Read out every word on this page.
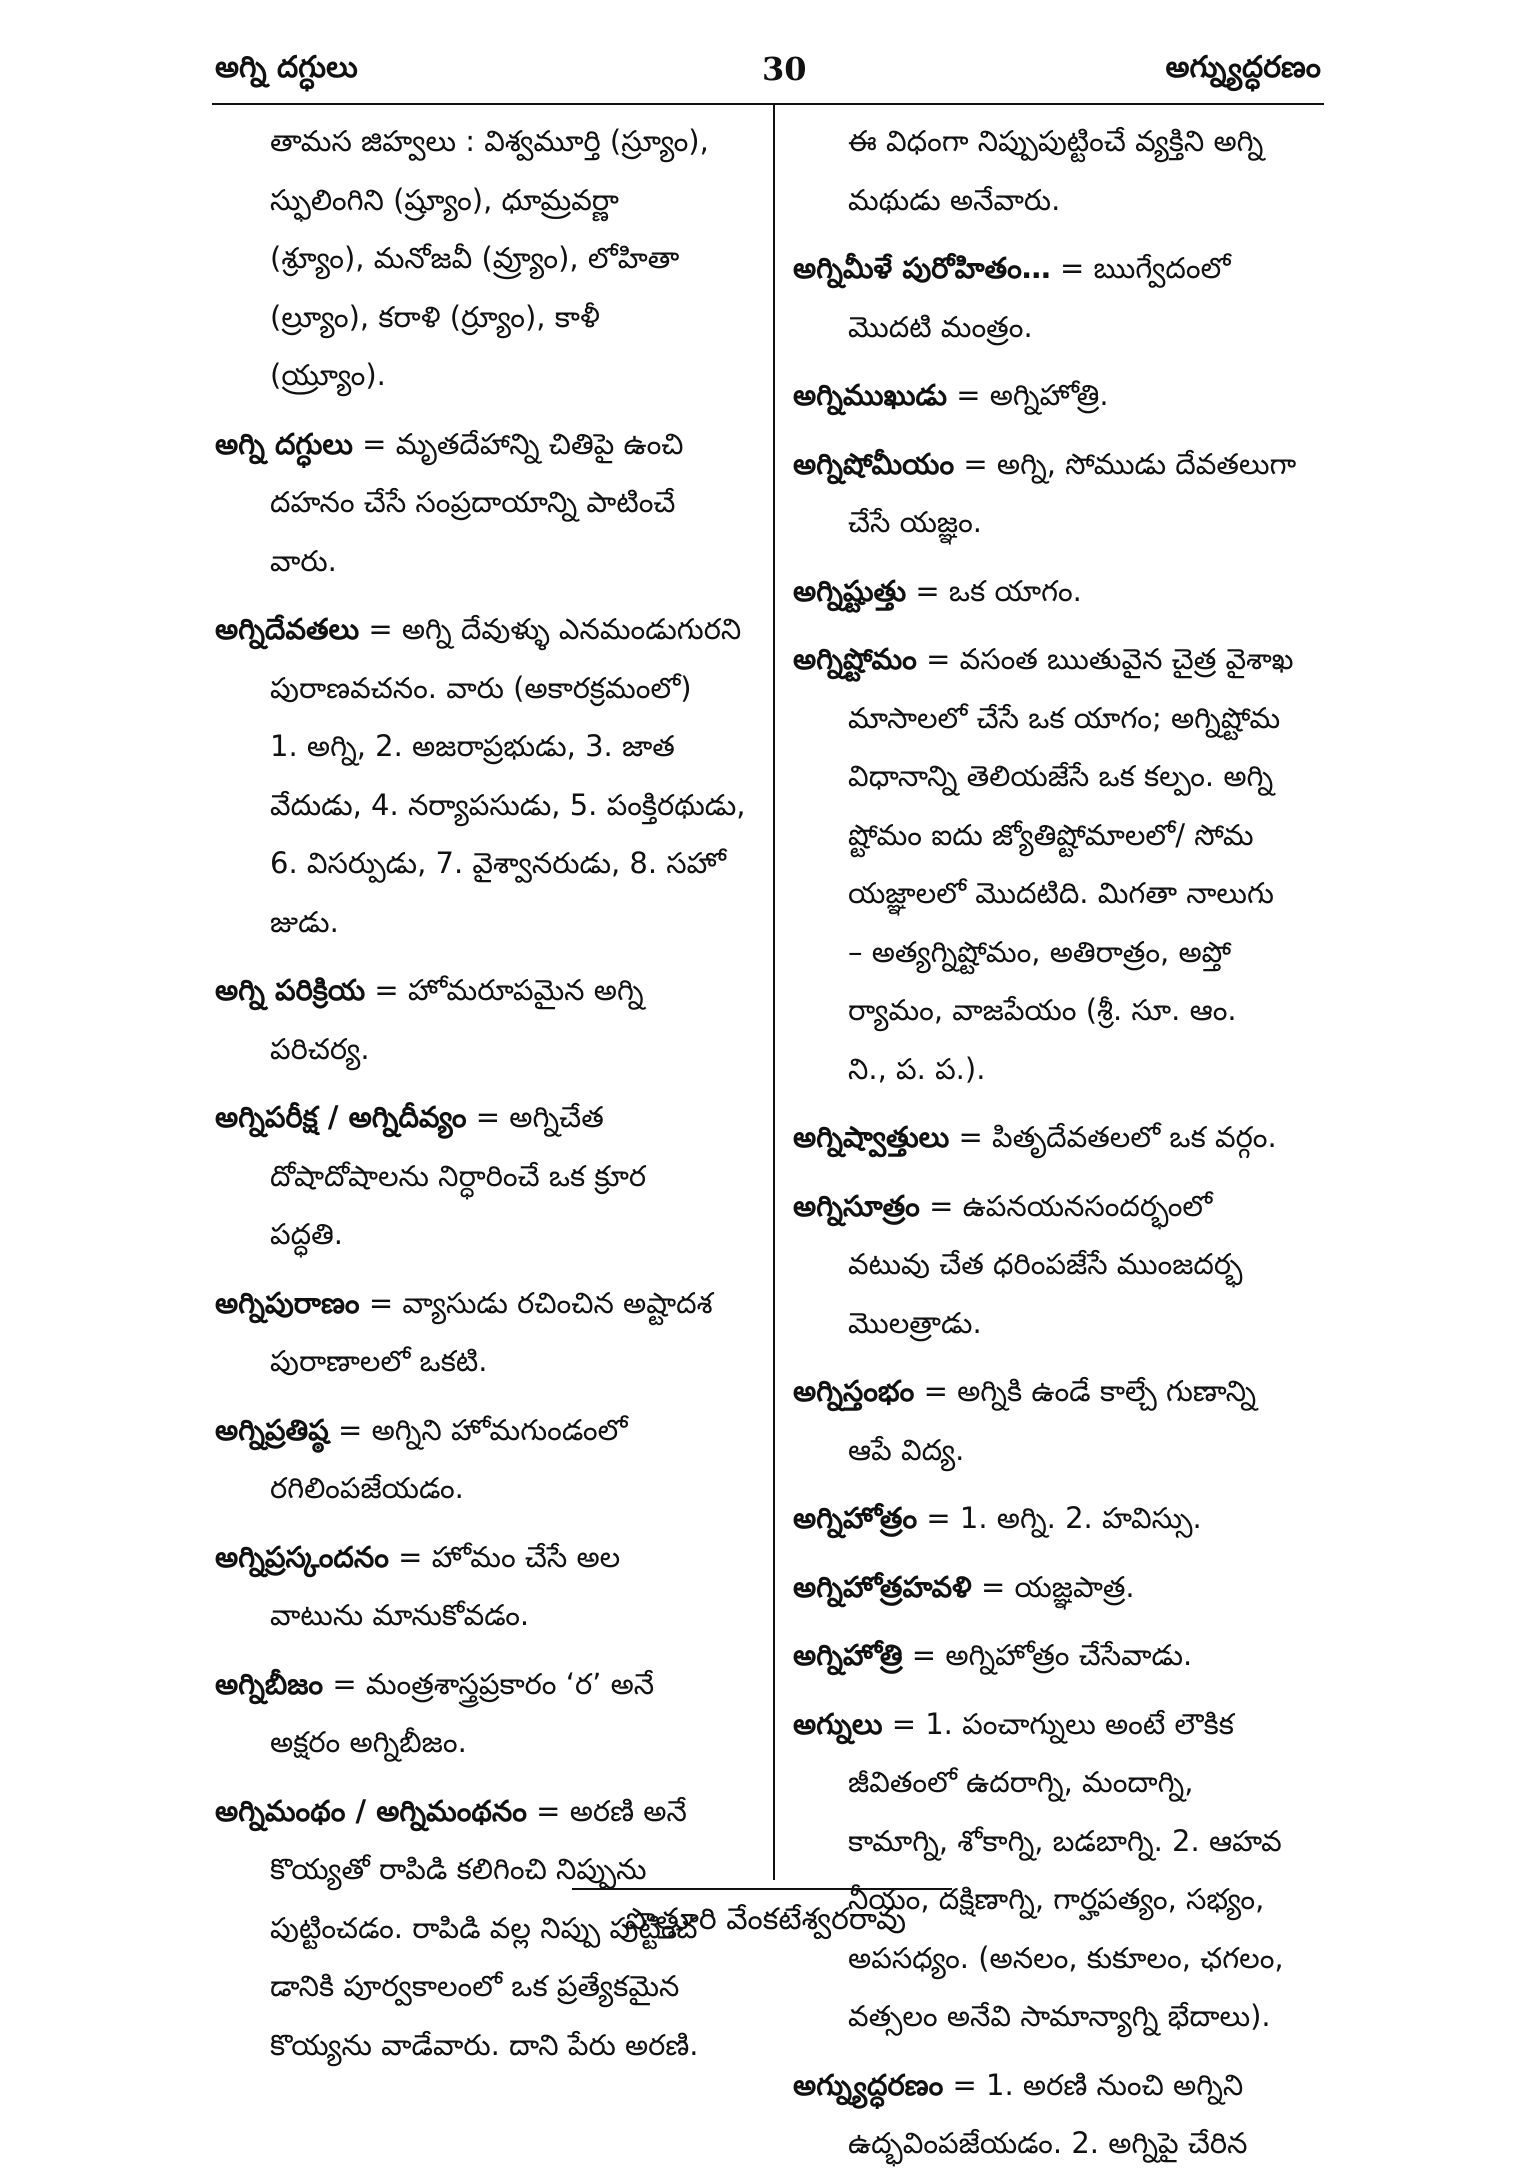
అగ్ని దగ్ధులు	30	అగ్న్యుద్ధరణం
తామస జిహ్వలు : విశ్వమూర్తి (స్ర్యూం),
స్ఫులింగిని (ష్ర్యూం), ధూమ్రవర్ణా
(శ్ర్యూం), మనోజవీ (వ్ర్యూం), లోహితా
(ల్ర్యూం), కరాళి (ర్ర్యూం), కాళీ
(య్ర్యూం).
అగ్ని దగ్ధులు = మృతదేహాన్ని చితిపై ఉంచి
దహనం చేసే సంప్రదాయాన్ని పాటించే
వారు.
అగ్నిదేవతలు = అగ్ని దేవుళ్ళు ఎనమండుగురని
పురాణవచనం. వారు (అకారక్రమంలో)
1. అగ్ని, 2. అజరాప్రభుడు, 3. జాత
వేదుడు, 4. నర్యాపసుడు, 5. పంక్తిరథుడు,
6. విసర్పుడు, 7. వైశ్వానరుడు, 8. సహో
జుడు.
అగ్ని పరిక్రియ = హోమరూపమైన అగ్ని
పరిచర్య.
అగ్నిపరీక్ష / అగ్నిదీవ్యం = అగ్నిచేత
దోషాదోషాలను నిర్ధారించే ఒక క్రూర
పద్ధతి.
అగ్నిపురాణం = వ్యాసుడు రచించిన అష్టాదశ
పురాణాలలో ఒకటి.
అగ్నిప్రతిష్ఠ = అగ్నిని హోమగుండంలో
రగిలింపజేయడం.
అగ్నిప్రస్కందనం = హోమం చేసే అల
వాటును మానుకోవడం.
అగ్నిబీజం = మంత్రశాస్త్రప్రకారం ‘ర’ అనే
అక్షరం అగ్నిబీజం.
అగ్నిమంథం / అగ్నిమంథనం = అరణి అనే
కొయ్యతో రాపిడి కలిగించి నిప్పును
పుట్టించడం. రాపిడి వల్ల నిప్పు పుట్టించ
డానికి పూర్వకాలంలో ఒక ప్రత్యేకమైన
కొయ్యను వాడేవారు. దాని పేరు అరణి.
ఈ విధంగా నిప్పుపుట్టించే వ్యక్తిని అగ్ని
మథుడు అనేవారు.
అగ్నిమీళే పురోహితం… = ఋగ్వేదంలో
మొదటి మంత్రం.
అగ్నిముఖుడు = అగ్నిహోత్రి.
అగ్నిషోమీయం = అగ్ని, సోముడు దేవతలుగా
చేసే యజ్ఞం.
అగ్నిష్టుత్తు = ఒక యాగం.
అగ్నిష్టోమం = వసంత ఋతువైన చైత్ర వైశాఖ
మాసాలలో చేసే ఒక యాగం; అగ్నిష్టోమ
విధానాన్ని తెలియజేసే ఒక కల్పం. అగ్ని
ష్టోమం ఐదు జ్యోతిష్టోమాలలో/ సోమ
యజ్ఞాలలో మొదటిది. మిగతా నాలుగు
– అత్యగ్నిష్టోమం, అతిరాత్రం, అప్తో
ర్యామం, వాజపేయం (శ్రీ. సూ. ఆం.
ని., ప. ప.).
అగ్నిష్వాత్తులు = పితృదేవతలలో ఒక వర్గం.
అగ్నిసూత్రం = ఉపనయనసందర్భంలో
వటువు చేత ధరింపజేసే ముంజదర్భ
మొలత్రాడు.
అగ్నిస్తంభం = అగ్నికి ఉండే కాల్చే గుణాన్ని
ఆపే విద్య.
అగ్నిహోత్రం = 1. అగ్ని. 2. హవిస్సు.
అగ్నిహోత్రహవళి = యజ్ఞపాత్ర.
అగ్నిహోత్రి = అగ్నిహోత్రం చేసేవాడు.
అగ్నులు = 1. పంచాగ్నులు అంటే లౌకిక
జీవితంలో ఉదరాగ్ని, మందాగ్ని,
కామాగ్ని, శోకాగ్ని, బడబాగ్ని. 2. ఆహవ
నీయం, దక్షిణాగ్ని, గార్హపత్యం, సభ్యం,
అపసధ్యం. (అనలం, కుకూలం, ఛగలం,
వత్సలం అనేవి సామాన్యాగ్ని భేదాలు).
అగ్న్యుద్ధరణం = 1. అరణి నుంచి అగ్నిని
ఉద్భవింపజేయడం. 2. అగ్నిపై చేరిన
పొత్తూరి వేంకటేశ్వరరావు
